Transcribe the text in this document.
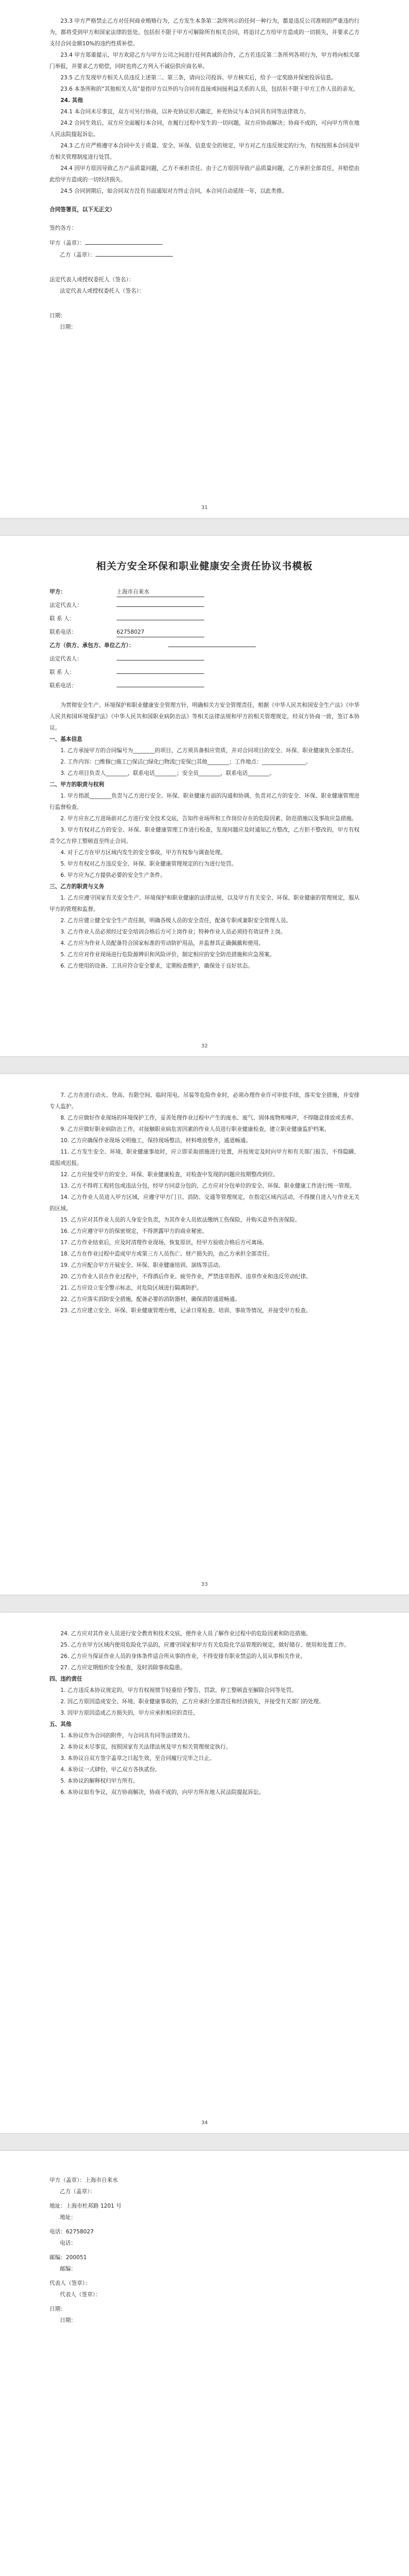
23.3 甲方严格禁止乙方对任何商业贿赂行为，乙方发生本条第二款所列示的任何一种行为，都是违反公司准则的严重违约行为，都将受到甲方和国家法律的惩处。包括但不限于甲方可解除所有相关合同，将追讨乙方给甲方造成的一切损失，并要求乙方支付合同金额10%的违约性质补偿。

23.4 甲方郑重提示，甲方欢迎乙方与甲方公司之间进行任何真诚的合作，乙方若违反第二条所列各项行为，甲方将向相关部门举报，并要求乙方赔偿，同时也将乙方列入不诚信供应商名单。

23.5 乙方发现甲方相关人员违反上述第二、第三条，请向公司投诉。甲方核实后，给予一定奖励并保密投诉信息。

23.6 本条所称的“其他相关人员”是指甲方以外的与合同有直接或间接利益关系的人员，包括但不限于甲方工作人员的亲友。

24. 其他

24.1 本合同未尽事宜，双方可另行协商，以补充协议形式确定，补充协议与本合同具有同等法律效力。

24.2 合同生效后，双方应全面履行本合同，在履行过程中发生的一切问题，双方应协商解决；协商不成的，可向甲方所在地人民法院提起诉讼。

24.3 乙方应严格遵守本合同中关于质量、安全、环保、信息安全的规定，甲方对乙方违反规定的行为，有权按照本合同及甲方相关管理制度进行处罚。

24.4 因甲方原因导致乙方产品质量问题，乙方不承担责任。由于乙方原因导致产品质量问题，乙方承担全部责任，并赔偿由此给甲方造成的一切经济损失。

24.5 合同到期后，如合同双方没有书面通知对方终止合同，本合同自动延续一年，以此类推。

合同签署页，以下无正文）

签约各方：

甲方（盖章）： 乙方（盖章）：
法定代表人或授权委托人（签名）： 法定代表人或授权委托人（签名）：
日期： 日期：
31
相关方安全环保和职业健康安全责任协议书模板

甲方：	上海市自来水

法定代表人：

联 系 人：

联系电话：	62758027

乙方（供方、承包方、单位乙方）：

法定代表人：

联 系 人：

联系电话：

为贯彻安全生产、环境保护和职业健康安全管理方针，明确相关方安全管理责任，根据《中华人民共和国安全生产法》《中华人民共和国环境保护法》《中华人民共和国职业病防治法》等相关法律法规和甲方的相关管理规定，经双方协商一致，签订本协议。

一、基本信息

1. 乙方承接甲方的合同编号为________的项目，乙方须具备相应资质，并对合同项目的安全、环保、职业健康负全部责任。

2. 工作内容：□维修□施工□保洁□绿化□物流□安保□其他________；工作地点：________________。

3. 乙方项目负责人________，联系电话________；安全员________，联系电话________。

二、甲方的职责与权利

1. 甲方指派________负责与乙方进行安全、环保、职业健康方面的沟通和协调，负责对乙方的安全、环保、职业健康管理进行监督检查。

2. 甲方应在乙方进场前对乙方进行安全技术交底，告知作业场所和工作岗位存在的危险因素、防范措施以及事故应急措施。

3. 甲方有权对乙方的安全、环保、职业健康管理工作进行检查，发现问题应及时通知乙方整改，乙方拒不整改的，甲方有权责令乙方停工整顿直至终止合同。

4. 对于乙方在甲方区域内发生的安全事故，甲方有权参与调查处理。

5. 甲方有权对乙方违反安全、环保、职业健康管理规定的行为进行处罚。

6. 甲方应为乙方提供必要的安全生产条件。

三、乙方的职责与义务

1. 乙方应遵守国家有关安全生产、环境保护和职业健康的法律法规，以及甲方有关安全、环保、职业健康的管理规定，服从甲方的管理和监督。

2. 乙方应建立健全安全生产责任制，明确各级人员的安全责任，配备专职或兼职安全管理人员。

3. 乙方作业人员必须经过安全培训合格后方可上岗作业；特种作业人员必须持有效证件上岗。

4. 乙方应为作业人员配备符合国家标准的劳动防护用品，并监督其正确佩戴和使用。

5. 乙方应对作业现场进行危险源辨识和风险评价，制定相应的安全防范措施和应急预案。

6. 乙方使用的设备、工具应符合安全要求，定期检查维护，确保处于良好状态。

32

7. 乙方在进行动火、登高、有限空间、临时用电、吊装等危险作业时，必须办理作业许可审批手续，落实安全措施，并安排专人监护。

8. 乙方应做好作业现场的环境保护工作，妥善处理作业过程中产生的废水、废气、固体废物和噪声，不得随意排放或丢弃。

9. 乙方应做好职业病防治工作，对接触职业病危害因素的作业人员进行职业健康检查，建立职业健康监护档案。

10. 乙方应确保作业现场文明施工，保持现场整洁，材料堆放整齐，通道畅通。

11. 乙方发生安全、环境、职业健康事故时，应立即采取措施进行处置，并按规定及时向甲方和有关部门报告，不得隐瞒、谎报或迟报。

12. 乙方应接受甲方的安全、环保、职业健康检查，对检查中发现的问题应按期整改到位。

13. 乙方不得将工程转包或违法分包，经甲方同意分包的，乙方应对分包单位的安全、环保、职业健康工作进行统一管理。

14. 乙方作业人员进入甲方区域，应遵守甲方门卫、消防、交通等管理规定，在指定区域内活动，不得擅自进入与作业无关的区域。

15. 乙方应对其作业人员的人身安全负责，为其作业人员依法缴纳工伤保险，并购买意外伤害保险。

16. 乙方应遵守甲方的保密规定，不得泄露甲方的商业秘密。

17. 乙方作业结束后，应及时清理作业现场，恢复原状，经甲方验收合格后方可离场。

18. 乙方在作业过程中造成甲方或第三方人员伤亡、财产损失的，由乙方承担全部责任。

19. 乙方应配合甲方开展安全、环保、职业健康培训、演练等活动。

20. 乙方作业人员在作业过程中，不得酒后作业、疲劳作业，严禁违章指挥、违章作业和违反劳动纪律。

21. 乙方应设立安全警示标志，对危险区域进行隔离防护。

22. 乙方应落实消防安全措施，配备必要的消防器材，确保消防通道畅通。

23. 乙方应建立安全、环保、职业健康管理台账，记录日常检查、培训、事故等情况，并接受甲方检查。

33

24. 乙方应对其作业人员进行安全教育和技术交底，使作业人员了解作业过程中的危险因素和防范措施。

25. 乙方在甲方区域内使用危险化学品的，应遵守国家和甲方有关危险化学品管理的规定，做好储存、使用和处置工作。

26. 乙方应当保证作业人员的身体条件适合所从事的作业，不得安排有职业禁忌的人员从事相关作业。

27. 乙方应定期组织安全检查，及时消除事故隐患。

四、违约责任

1. 乙方违反本协议规定的，甲方有权视情节轻重给予警告、罚款、停工整顿直至解除合同等处罚。

2. 因乙方原因造成安全、环境、职业健康事故的，乙方应承担全部责任和经济损失，并接受有关部门的处理。

3. 因甲方原因造成乙方损失的，甲方应承担相应的责任。

五、其他

1. 本协议作为合同的附件，与合同具有同等法律效力。

2. 本协议未尽事宜，按照国家有关法律法规及甲方相关管理规定执行。

3. 本协议自双方签字盖章之日起生效，至合同履行完毕之日止。

4. 本协议一式肆份，甲乙双方各执贰份。

5. 本协议的解释权归甲方所有。

6. 本协议如有争议，双方协商解决，协商不成的，向甲方所在地人民法院提起诉讼。

34
甲方（盖章）：上海市自来水 乙方（盖章）：
地址：上海市杜邦路 1201 号 地址：
电话：62758027 电话：
邮编：200051 邮编：
代表人（签章）： 代表人（签章）：
日期： 日期：
